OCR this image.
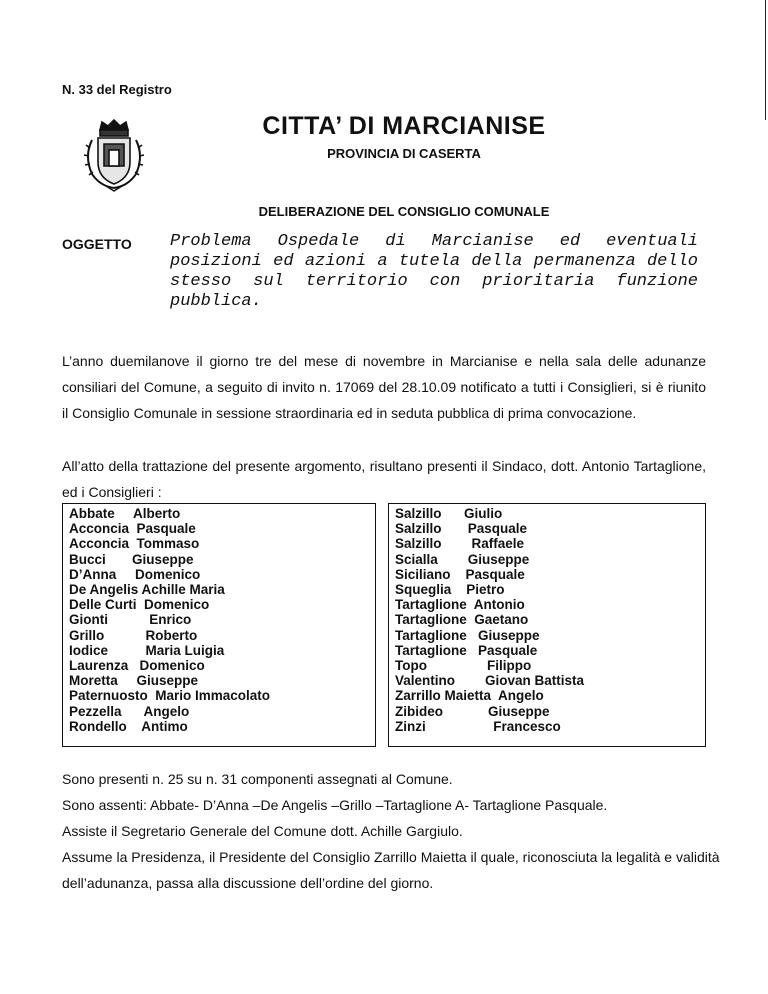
N. 33 del Registro
CITTA’ DI MARCIANISE
PROVINCIA DI CASERTA
DELIBERAZIONE DEL CONSIGLIO COMUNALE
OGGETTO Problema Ospedale di Marcianise ed eventuali posizioni ed azioni a tutela della permanenza dello stesso sul territorio con prioritaria funzione pubblica.
L’anno duemilanove il giorno tre del mese di novembre in Marcianise e nella sala delle adunanze consiliari del Comune, a seguito di invito n. 17069 del 28.10.09 notificato a tutti i Consiglieri, si è riunito il Consiglio Comunale in sessione straordinaria ed in seduta pubblica di prima convocazione.
All’atto della trattazione del presente argomento, risultano presenti il Sindaco, dott. Antonio Tartaglione, ed i Consiglieri :
Abbate     Alberto
Acconcia  Pasquale
Acconcia  Tommaso
Bucci       Giuseppe
D’Anna     Domenico
De Angelis Achille Maria
Delle Curti  Domenico
Gionti           Enrico
Grillo           Roberto
Iodice          Maria Luigia
Laurenza   Domenico
Moretta     Giuseppe
Paternuosto  Mario Immacolato
Pezzella      Angelo
Rondello    Antimo
Salzillo      Giulio
Salzillo       Pasquale
Salzillo        Raffaele
Scialla        Giuseppe
Siciliano    Pasquale
Squeglia    Pietro
Tartaglione  Antonio
Tartaglione  Gaetano
Tartaglione   Giuseppe
Tartaglione   Pasquale
Topo                Filippo
Valentino        Giovan Battista
Zarrillo Maietta  Angelo
Zibideo            Giuseppe
Zinzi                  Francesco
Sono presenti n. 25 su n. 31 componenti assegnati al Comune.
Sono assenti: Abbate- D’Anna –De Angelis –Grillo –Tartaglione A- Tartaglione Pasquale.
Assiste il Segretario Generale del Comune dott. Achille Gargiulo.
Assume la Presidenza, il Presidente del Consiglio Zarrillo Maietta il quale, riconosciuta la legalità e validità dell’adunanza, passa alla discussione dell’ordine del giorno.
